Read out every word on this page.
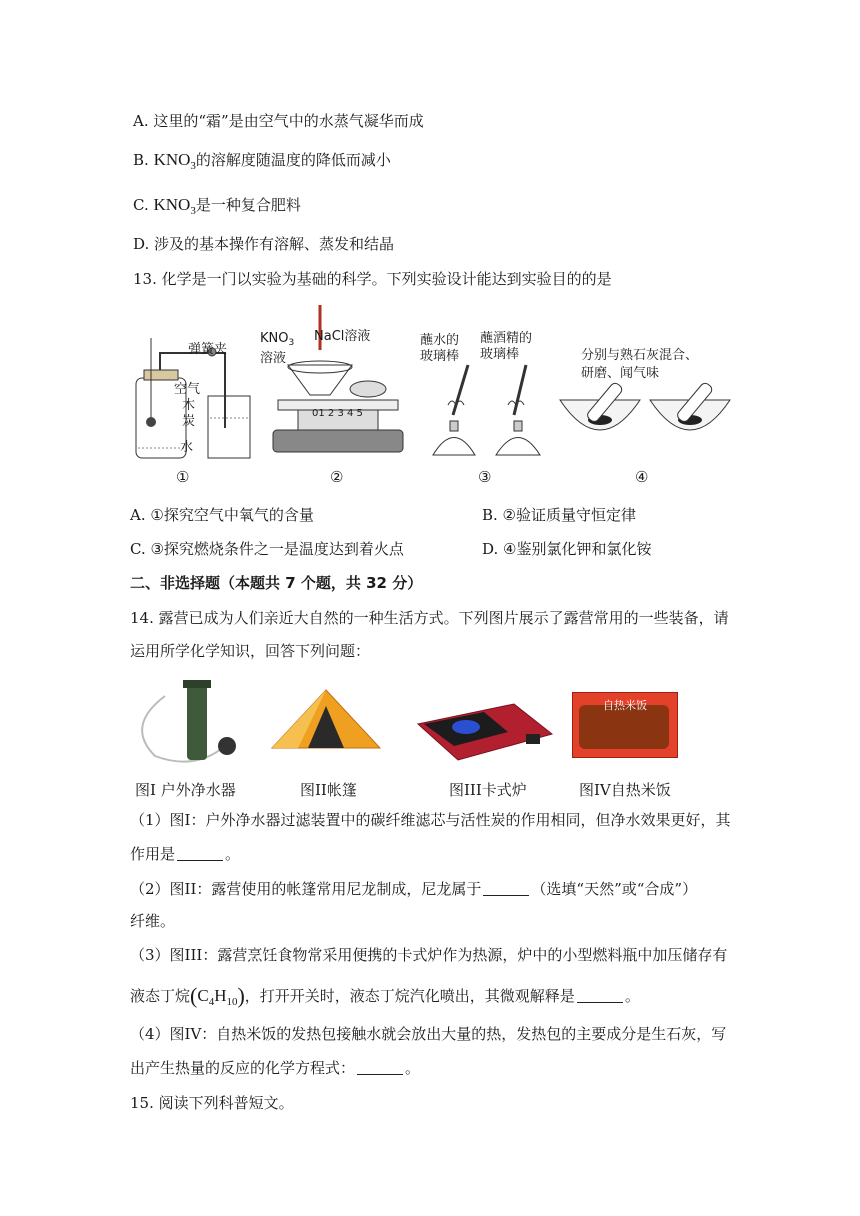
A. 这里的“霜”是由空气中的水蒸气凝华而成
B. $KNO_3$的溶解度随温度的降低而减小
C. $KNO_3$是一种复合肥料
D. 涉及的基本操作有溶解、蒸发和结晶
13. 化学是一门以实验为基础的科学。下列实验设计能达到实验目的的是
弹簧夹
空气
木炭
水
①
$KNO_3$
溶液
NaCl溶液
01 2 3 4 5
②
蘸水的
玻璃棒
蘸酒精的
玻璃棒
③
分别与熟石灰混合、
研磨、闻气味
④
A. ①探究空气中氧气的含量	B. ②验证质量守恒定律
C. ③探究燃烧条件之一是温度达到着火点	D. ④鉴别氯化钾和氯化铵
二、非选择题（本题共 7 个题，共 32 分）
14. 露营已成为人们亲近大自然的一种生活方式。下列图片展示了露营常用的一些装备，请
运用所学化学知识，回答下列问题：
自热米饭
图I 户外净水器	图II帐篷	图III卡式炉	图IV自热米饭
（1）图I：户外净水器过滤装置中的碳纤维滤芯与活性炭的作用相同，但净水效果更好，其
作用是	。
（2）图II：露营使用的帐篷常用尼龙制成，尼龙属于	（选填“天然”或“合成”）
纤维。
（3）图III：露营烹饪食物常采用便携的卡式炉作为热源，炉中的小型燃料瓶中加压储存有
液态丁烷$(C_4H_{10})$，打开开关时，液态丁烷汽化喷出，其微观解释是	。
（4）图IV：自热米饭的发热包接触水就会放出大量的热，发热包的主要成分是生石灰，写
出产生热量的反应的化学方程式：	。
15. 阅读下列科普短文。
